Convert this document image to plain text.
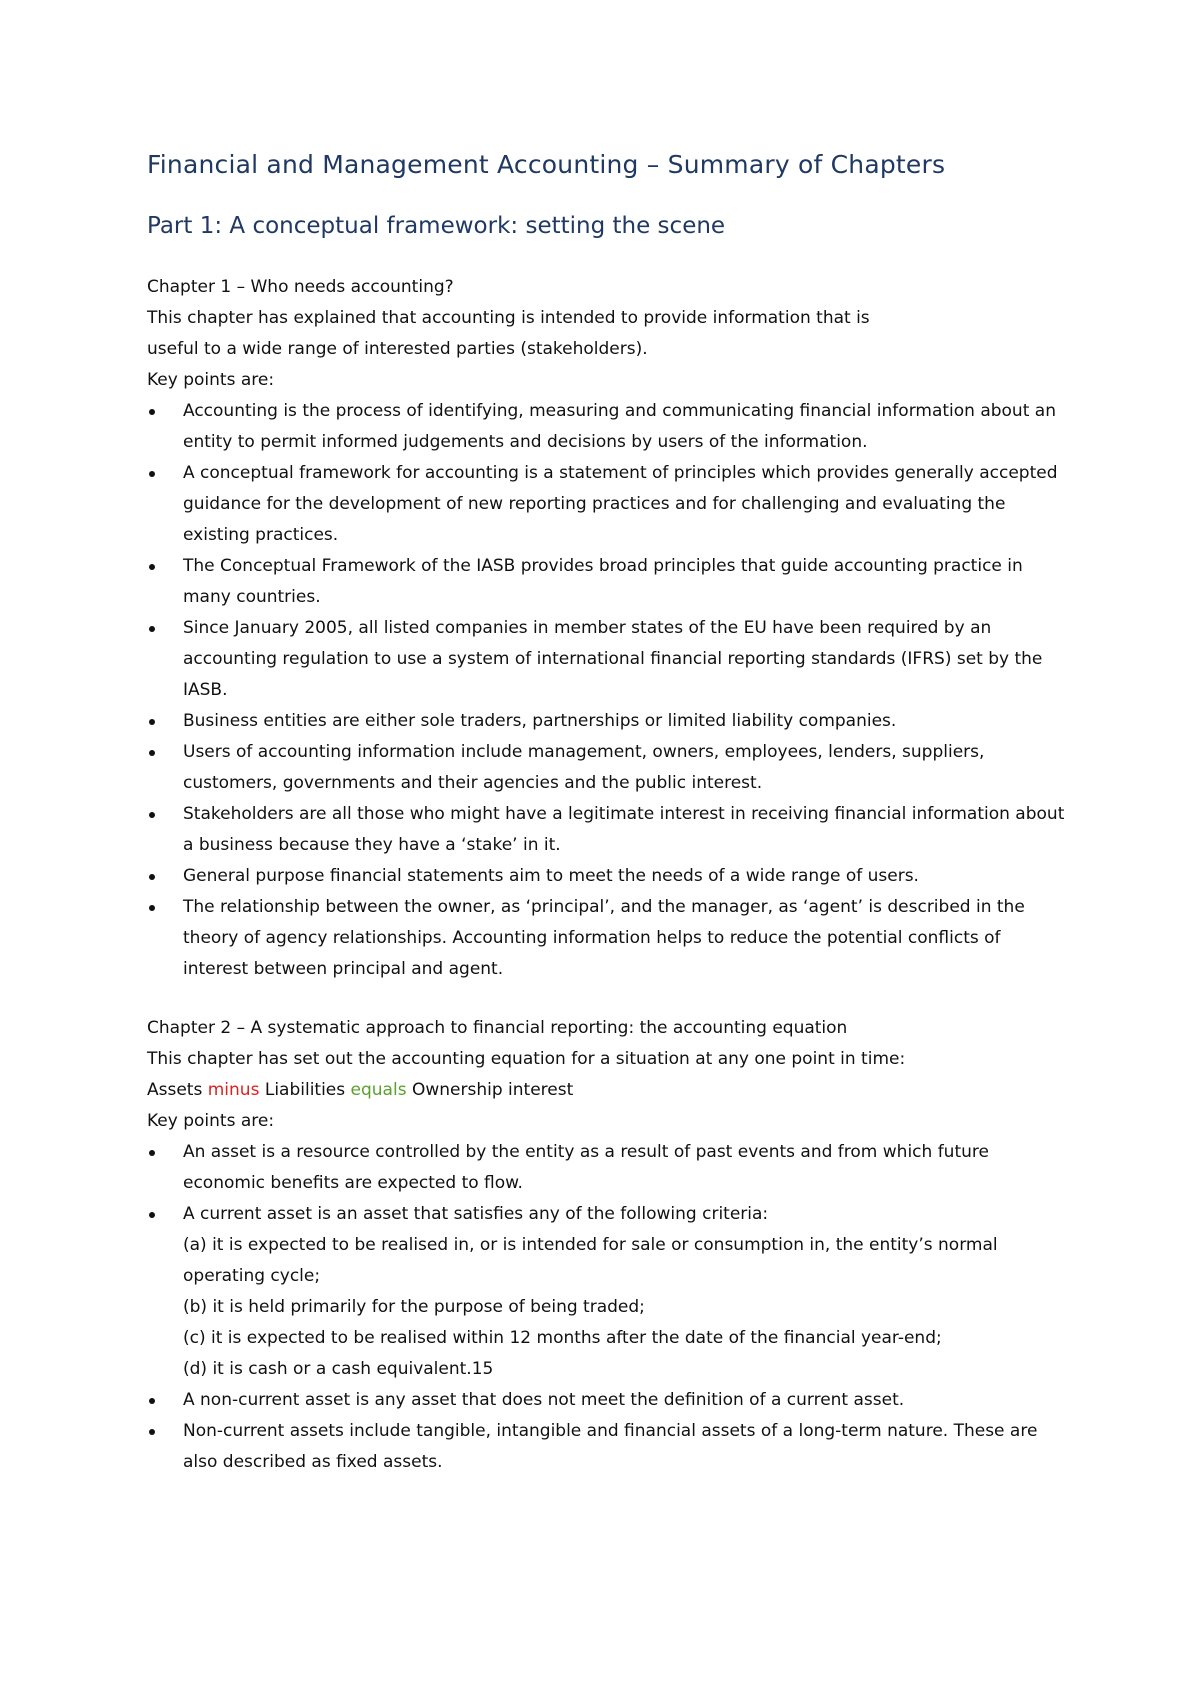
Financial and Management Accounting – Summary of Chapters
Part 1: A conceptual framework: setting the scene

Chapter 1 – Who needs accounting?

This chapter has explained that accounting is intended to provide information that is

useful to a wide range of interested parties (stakeholders).

Key points are:

Accounting is the process of identifying, measuring and communicating financial information about an entity to permit informed judgements and decisions by users of the information.
A conceptual framework for accounting is a statement of principles which provides generally accepted guidance for the development of new reporting practices and for challenging and evaluating the existing practices.
The Conceptual Framework of the IASB provides broad principles that guide accounting practice in many countries.
Since January 2005, all listed companies in member states of the EU have been required by an accounting regulation to use a system of international financial reporting standards (IFRS) set by the IASB.
Business entities are either sole traders, partnerships or limited liability companies.
Users of accounting information include management, owners, employees, lenders, suppliers, customers, governments and their agencies and the public interest.
Stakeholders are all those who might have a legitimate interest in receiving financial information about a business because they have a ‘stake’ in it.
General purpose financial statements aim to meet the needs of a wide range of users.
The relationship between the owner, as ‘principal’, and the manager, as ‘agent’ is described in the theory of agency relationships. Accounting information helps to reduce the potential conflicts of interest between principal and agent.

Chapter 2 – A systematic approach to financial reporting: the accounting equation

This chapter has set out the accounting equation for a situation at any one point in time:

Assets minus Liabilities equals Ownership interest

Key points are:

An asset is a resource controlled by the entity as a result of past events and from which future economic benefits are expected to flow.
A current asset is an asset that satisfies any of the following criteria:
(a) it is expected to be realised in, or is intended for sale or consumption in, the entity’s normal operating cycle;
(b) it is held primarily for the purpose of being traded;
(c) it is expected to be realised within 12 months after the date of the financial year-end;
(d) it is cash or a cash equivalent.15
A non-current asset is any asset that does not meet the definition of a current asset.
Non-current assets include tangible, intangible and financial assets of a long-term nature. These are also described as fixed assets.
